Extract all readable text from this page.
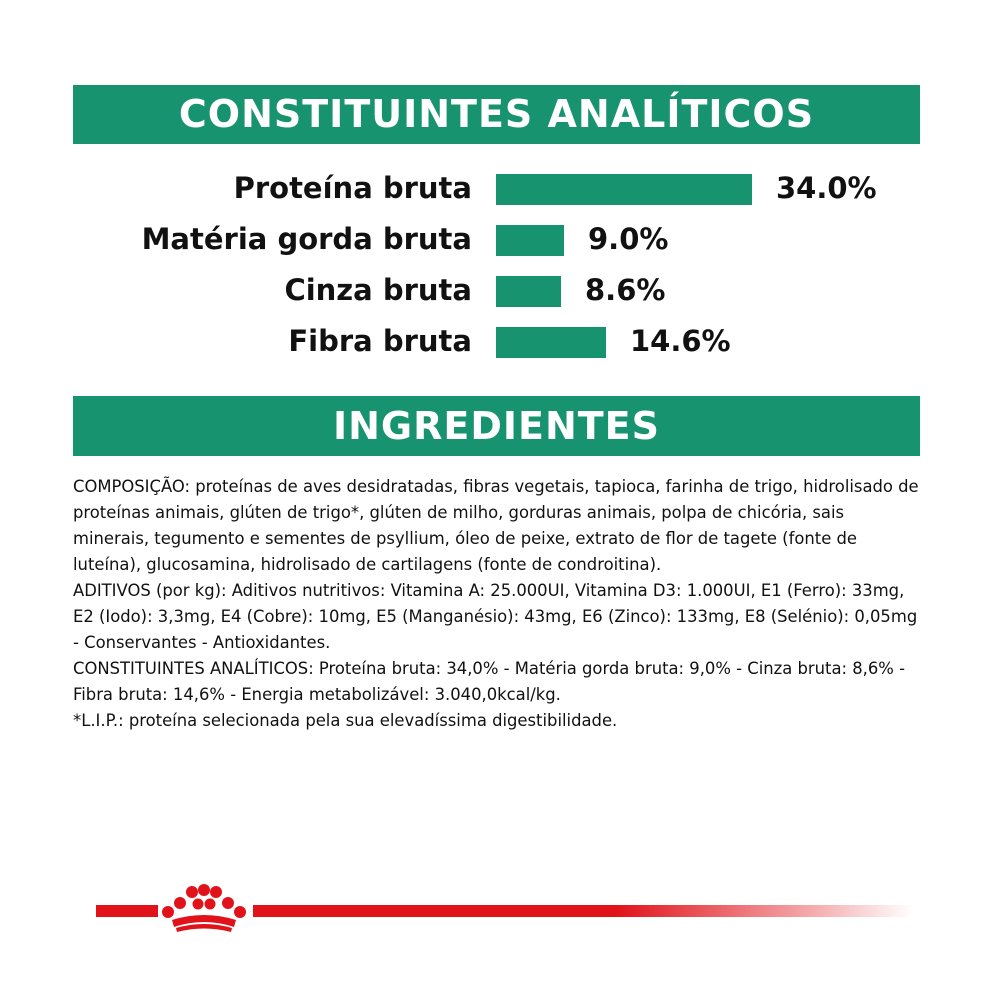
CONSTITUINTES ANALÍTICOS
Proteína bruta	34.0%
Matéria gorda bruta	9.0%
Cinza bruta	8.6%
Fibra bruta	14.6%
INGREDIENTES

COMPOSIÇÃO: proteínas de aves desidratadas, fibras vegetais, tapioca, farinha de trigo, hidrolisado de proteínas animais, glúten de trigo*, glúten de milho, gorduras animais, polpa de chicória, sais minerais, tegumento e sementes de psyllium, óleo de peixe, extrato de flor de tagete (fonte de luteína), glucosamina, hidrolisado de cartilagens (fonte de condroitina).

ADITIVOS (por kg): Aditivos nutritivos: Vitamina A: 25.000UI, Vitamina D3: 1.000UI, E1 (Ferro): 33mg, E2 (Iodo): 3,3mg, E4 (Cobre): 10mg, E5 (Manganésio): 43mg, E6 (Zinco): 133mg, E8 (Selénio): 0,05mg - Conservantes - Antioxidantes.

CONSTITUINTES ANALÍTICOS: Proteína bruta: 34,0% - Matéria gorda bruta: 9,0% - Cinza bruta: 8,6% - Fibra bruta: 14,6% - Energia metabolizável: 3.040,0kcal/kg.

*L.I.P.: proteína selecionada pela sua elevadíssima digestibilidade.
